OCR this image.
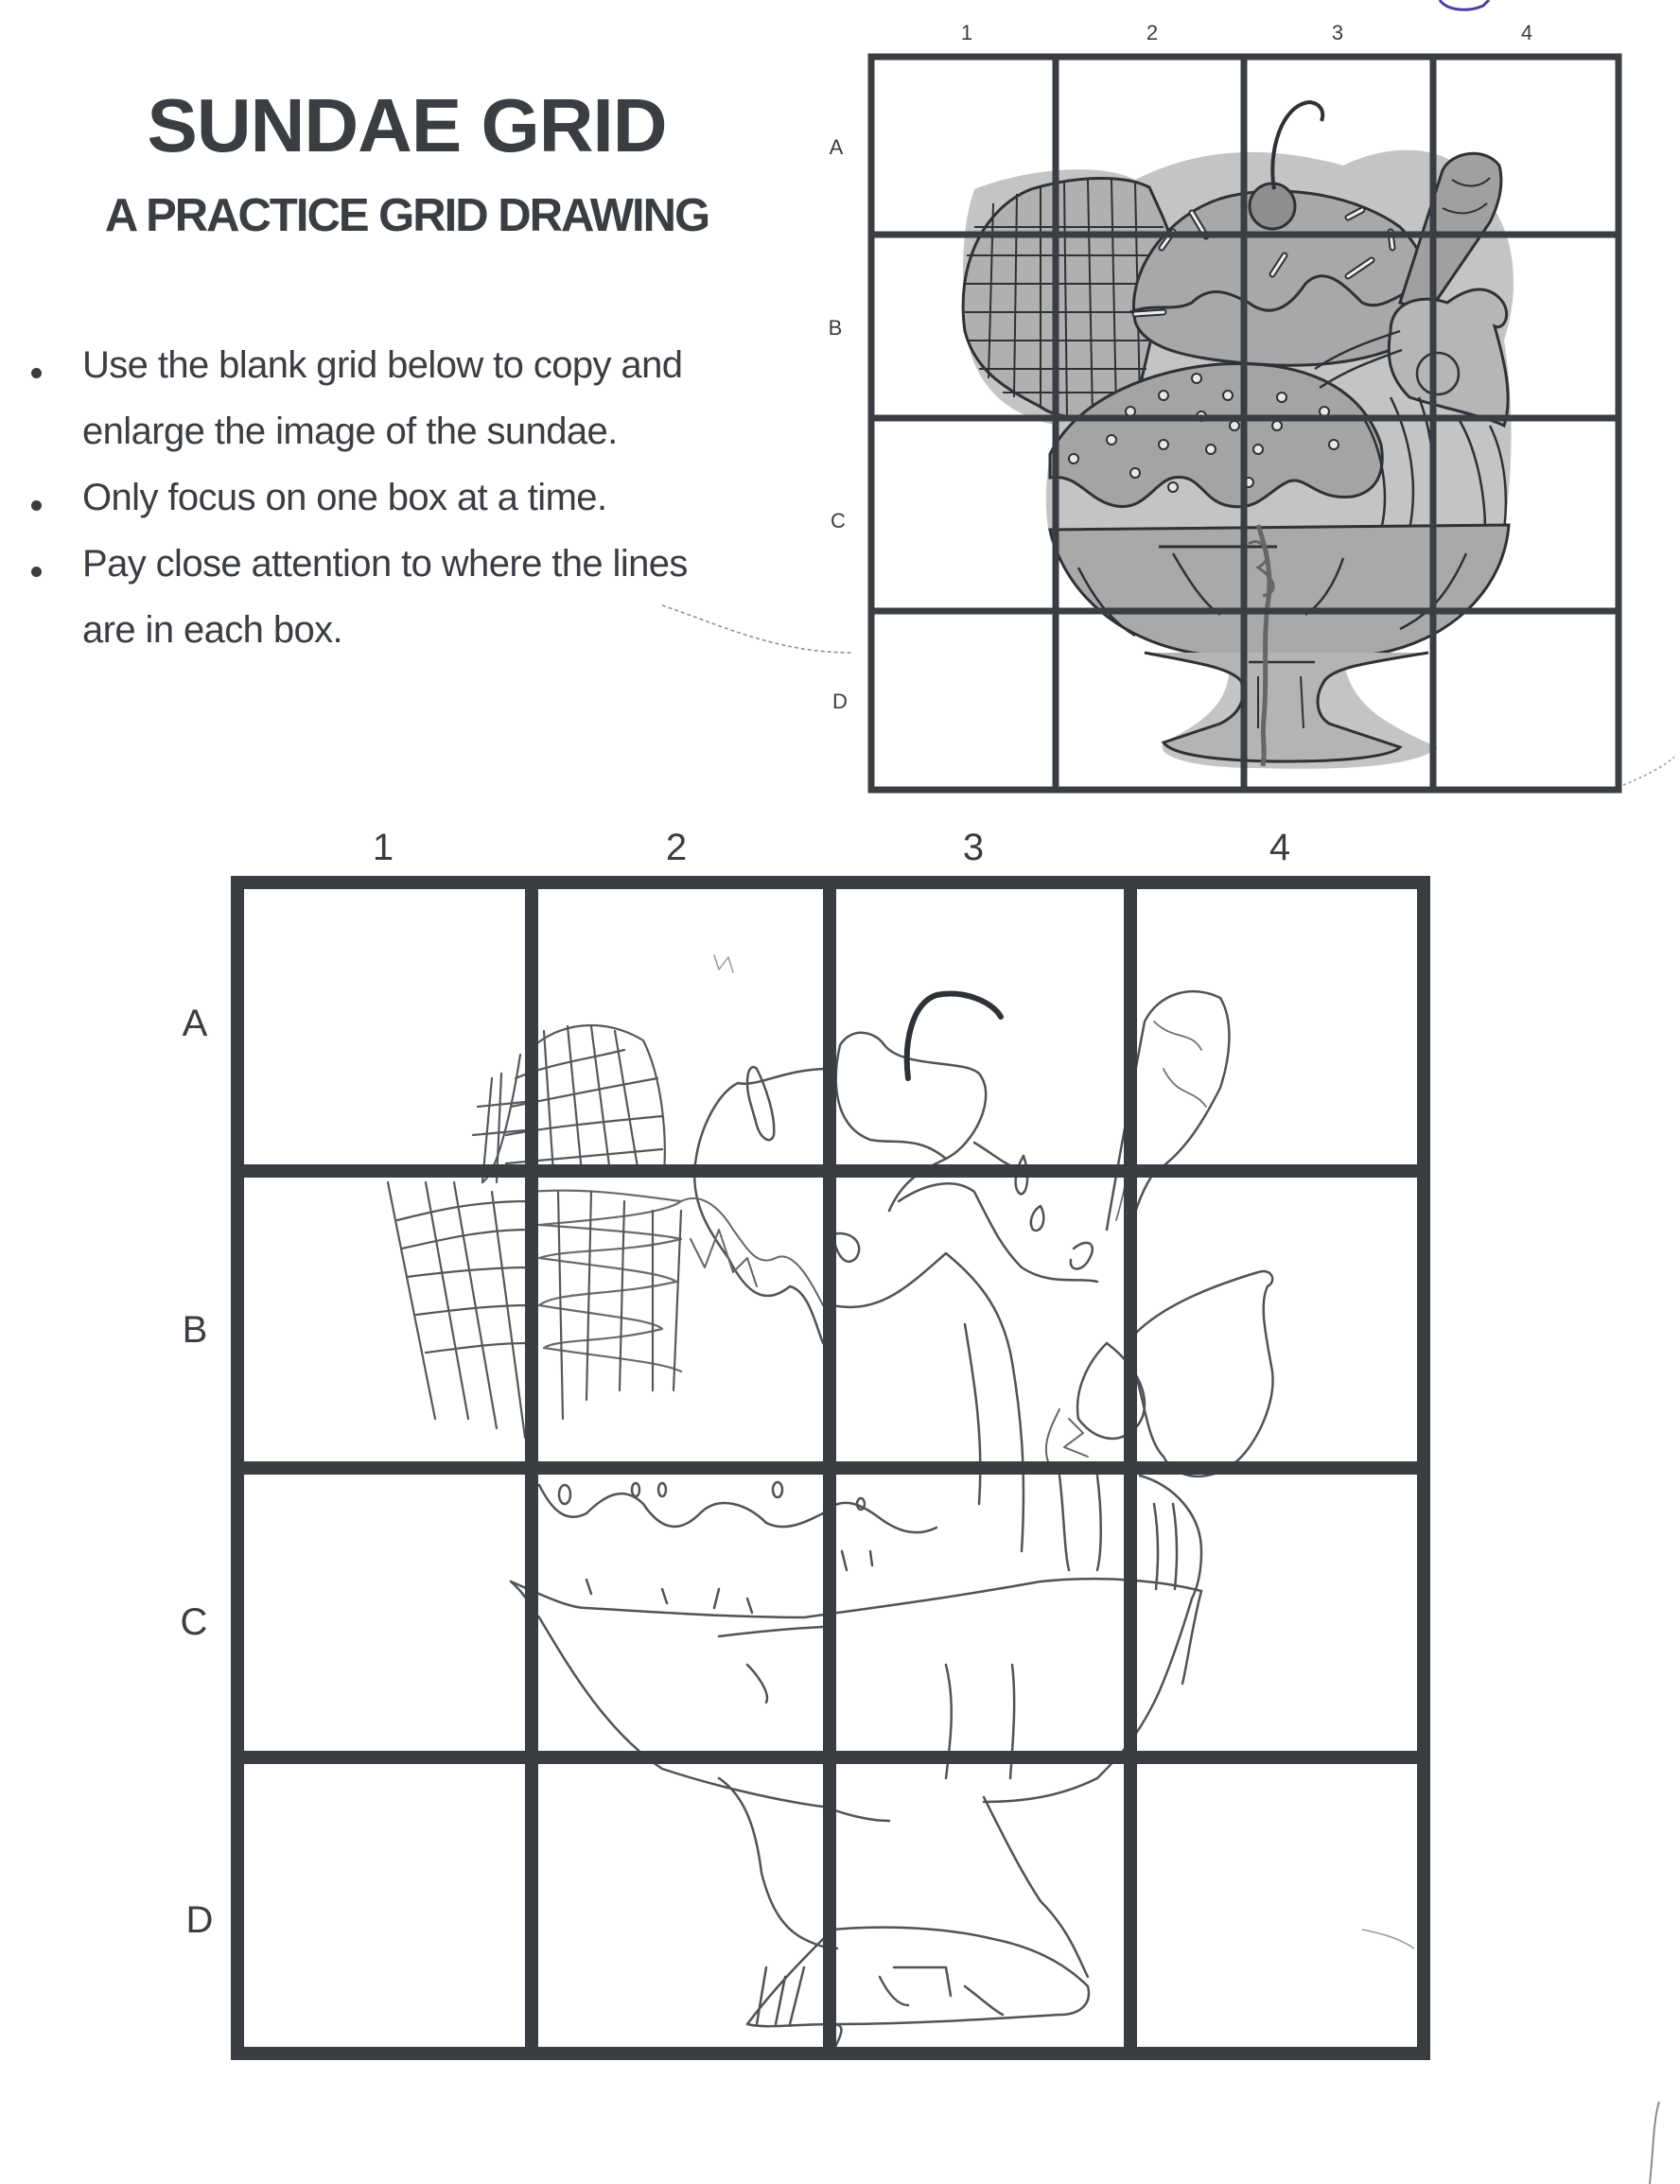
SUNDAE GRID
A PRACTICE GRID DRAWING
Use the blank grid below to copy and
enlarge the image of the sundae.
Only focus on one box at a time.
Pay close attention to where the lines
are in each box.
1	2	3	4
A
B
C
D
1	2	3	4
A
B
C
D
